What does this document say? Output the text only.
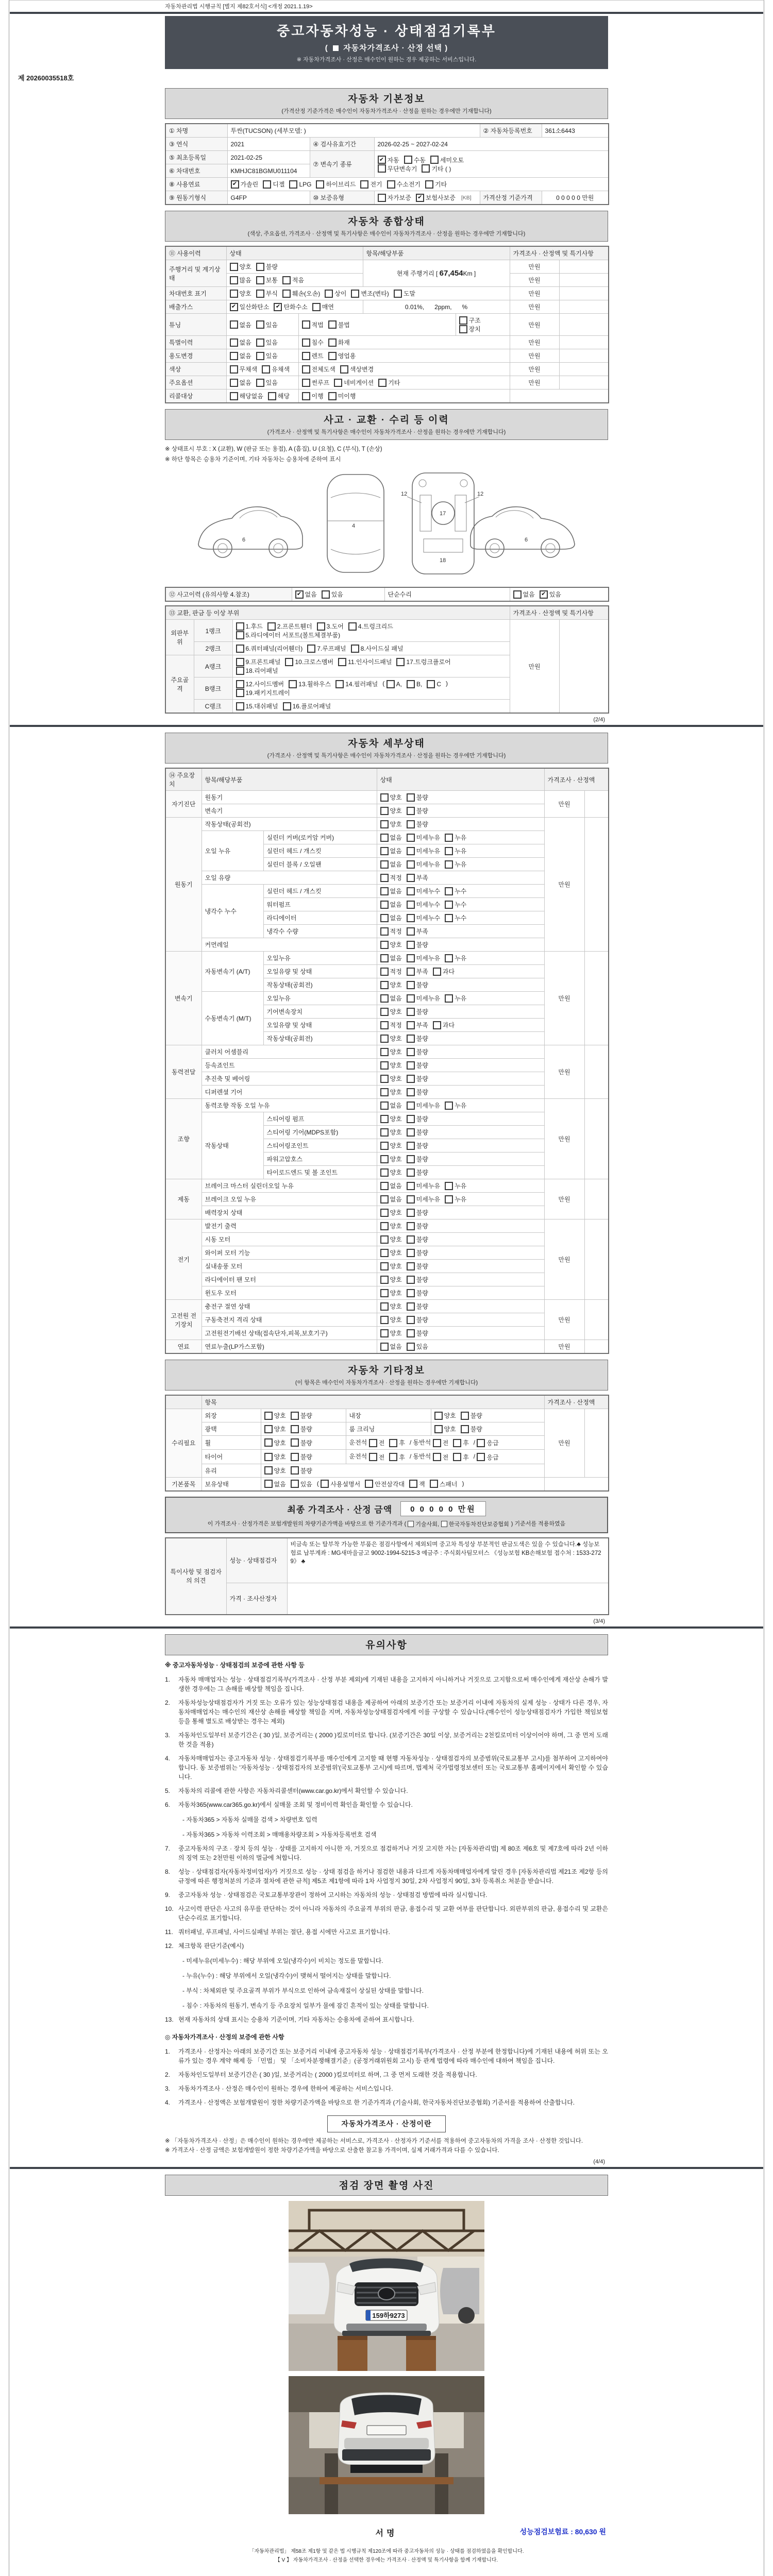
자동차관리법 시행규칙 [별지 제82호서식] <개정 2021.1.19>
중고자동차성능 · 상태점검기록부
( 자동차가격조사 · 산정 선택 )
※ 자동차가격조사 · 산정은 매수인이 원하는 경우 제공하는 서비스입니다.
제 20260035518호
자동차 기본정보
(가격산정 기준가격은 매수인이 자동차가격조사 · 산정을 원하는 경우에만 기재합니다)
① 차명	투싼(TUCSON) (세부모델: )			② 자동차등록번호	361소6443
③ 연식	2021	④ 검사유효기간	2026-02-25 ~ 2027-02-24		
⑤ 최초등록일	2021-02-25	⑦ 변속기 종류	
✔ 자동 수동 세미오토

무단변속기 기타 ( )

⑥ 차대번호	KMHJC81BGMU011104				
⑧ 사용연료	✔ 가솔린 디젤 LPG 하이브리드 전기 수소전기 기타

⑨ 원동기형식	G4FP	⑩ 보증유형	자가보증 ✔ 보험사보증 [KB]	가격산정 기준가격	0 0 0 0 0 만원
자동차 종합상태
(색상, 주요옵션, 가격조사 · 산정액 및 특기사항은 매수인이 자동차가격조사 · 산정을 원하는 경우에만 기재합니다)
⑪ 사용이력	상태		항목/해당부품		가격조사 · 산정액 및 특기사항	
주행거리 및 계기상태	양호 불량		현재 주행거리 [ 67,454Km ]		만원	

	많음 보통 적음				만원	
차대번호 표기	양호 부식 훼손(오손) 상이 변조(변타) 도말	만원	
배출가스	✔ 일산화탄소 ✔ 탄화수소 매연		0.01%,      2ppm,      %		만원	
튜닝	없음 있음	적법 불법		구조
장치	만원	
특별이력	없음 있음	침수 화재			만원	
용도변경	없음 있음	렌트 영업용			만원	
색상	무채색 유채색	전체도색 색상변경			만원	
주요옵션	없음 있음	썬루프 네비게이션 기타			만원	
리콜대상	해당없음 해당	이행 미이행				

사고 · 교환 · 수리 등 이력
(가격조사 · 산정액 및 특기사항은 매수인이 자동차가격조사 · 산정을 원하는 경우에만 기재합니다)
※ 상태표시 부호 : X (교환), W (판금 또는 용접), A (흠집), U (요철), C (부식), T (손상)
※ 하단 항목은 승용차 기준이며, 기타 자동차는 승용차에 준하여 표시
6
4
12	12
17
18
6
⑫ 사고이력 (유의사항 4.참조)	✔ 없음 있음	단순수리	없음	✔ 있음
⑬ 교환, 판금 등 이상 부위			가격조사 · 산정액 및 특기사항	
외판부위	1랭크	1.후드 2.프론트휀더 3.도어 4.트렁크리드

5.라디에이터 서포트(볼트체결부품)	만원	
	2랭크	6.쿼터패널(리어휀더) 7.루프패널 8.사이드실 패널		

주요골격	A랭크	9.프론트패널 10.크로스멤버 11.인사이드패널 17.트렁크플로어

18.리어패널		

B랭크	
12.사이드멤버 13.휠하우스 14.필러패널 ( A, B, C )

19.패키지트레이

	C랭크	15.대쉬패널 16.플로어패널		
(2/4)
자동차 세부상태
(가격조사 · 산정액 및 특기사항은 매수인이 자동차가격조사 · 산정을 원하는 경우에만 기재합니다)
⑭ 주요장치	항목/해당부품		상태	가격조사 · 산정액	
자기진단	원동기		양호 불량	만원	
	변속기		양호 불량		

원동기	작동상태(공회전)		양호 불량	만원	
	오일 누유	실린더 커버(로커암 커버)	없음 미세누유 누유		

		실린더 헤드 / 개스킷	없음 미세누유 누유		

		실린더 블록 / 오일팬	없음 미세누유 누유		

	오일 유량		적정 부족		

	냉각수 누수	실린더 헤드 / 개스킷	없음 미세누수 누수		

		워터펌프	없음 미세누수 누수		

		라디에이터	없음 미세누수 누수		

		냉각수 수량	적정 부족		

	커먼레일		양호 불량		

변속기	자동변속기 (A/T)	오일누유	없음 미세누유 누유	만원	
		오일유량 및 상태	적정 부족 과다		

		작동상태(공회전)	양호 불량		

	수동변속기 (M/T)	오일누유	없음 미세누유 누유		

		기어변속장치	양호 불량		

		오일유량 및 상태	적정 부족 과다		

		작동상태(공회전)	양호 불량		

동력전달	클러치 어셈블리		양호 불량	만원	
	등속죠인트		양호 불량		

	추진축 및 베어링		양호 불량		

	디퍼렌셜 기어		양호 불량		

조향	동력조향 작동 오일 누유		없음 미세누유 누유	만원	
	작동상태	스티어링 펌프	양호 불량		

		스티어링 기어(MDPS포함)	양호 불량		

		스티어링조인트	양호 불량		

		파워고압호스	양호 불량		

		타이로드엔드 및 볼 조인트	양호 불량		

제동	브레이크 마스터 실린더오일 누유		없음 미세누유 누유	만원	
	브레이크 오일 누유		없음 미세누유 누유		

	배력장치 상태		양호 불량		

전기	발전기 출력		양호 불량	만원	
	시동 모터		양호 불량		

	와이퍼 모터 기능		양호 불량		

	실내송풍 모터		양호 불량		

	라디에이터 팬 모터		양호 불량		

	윈도우 모터		양호 불량		

고전원 전기장치	충전구 절연 상태		양호 불량	만원	
	구동축전지 격리 상태		양호 불량		

	고전원전기배선 상태(접속단자,피복,보호기구)		양호 불량		

연료	연료누출(LP가스포함)		없음 있음	만원	
자동차 기타정보
(이 항목은 매수인이 자동차가격조사 · 산정을 원하는 경우에만 기재합니다)
	항목				가격조사 · 산정액	
수리필요	외장	양호 불량	내장	양호 불량	만원	
	광택	양호 불량	룸 크리닝	양호 불량		

휠	양호 불량	운전석 전 후 / 동반석 전 후 / 응급

타이어	양호 불량	운전석 전 후 / 동반석 전 후 / 응급

	유리	양호 불량				

기본품목	보유상태	없음 있음 ( 사용설명서 안전삼각대 잭 스패너 )	
최종 가격조사 · 산정 금액	0 0 0 0 0 만원
이 가격조사 · 산정가격은 보험개발원의 차량기준가액을 바탕으로 한 기준가격과 ( 기술사회, 한국자동차진단보증협회 ) 기준서를 적용하였음
특이사항 및 점검자의 의견	성능 · 상태점검자	비금속 또는 탈부착 가능한 부품은 점검사항에서 제외되며 중고차 특성상 부분적인 판금도색은 있을 수 있습니다.♣ 성능보험료 납부계좌 : MG새마을금고 9002-1994-5215-3 예금주 : 주식회사팀모터스 《성능보험 KB손해보험 접수처 : 1533-2729》 ♣
	가격 · 조사산정자	
(3/4)
유의사항
※ 중고자동차성능 · 상태점검의 보증에 관한 사항 등
1.	자동차 매매업자는 성능 · 상태점검기록부(가격조사 · 산정 부분 제외)에 기재된 내용을 고지하지 아니하거나 거짓으로 고지함으로써 매수인에게 재산상 손해가 발생한 경우에는 그 손해를 배상할 책임을 집니다.
2.	자동차성능상태점검자가 거짓 또는 오류가 있는 성능상태점검 내용을 제공하여 아래의 보증기간 또는 보증거리 이내에 자동차의 실제 성능 · 상태가 다른 경우, 자동차매매업자는 매수인의 재산상 손해를 배상할 책임을 지며, 자동차성능상태점검자에게 이를 구상할 수 있습니다.(매수인이 성능상태점검자가 가입한 책임보험 등을 통해 별도로 배상받는 경우는 제외)
3.	자동차인도일부터 보증기간은 ( 30 )일, 보증거리는 ( 2000 )킬로미터로 합니다. (보증기간은 30일 이상, 보증거리는 2천킬로미터 이상이어야 하며, 그 중 먼저 도래한 것을 적용)
4.	자동차매매업자는 중고자동차 성능 · 상태점검기록부를 매수인에게 고지할 때 현행 자동차성능 · 상태점검자의 보증범위(국토교통부 고시)를 첨부하여 고지하여야 합니다. 동 보증범위는 '자동차성능 · 상태점검자의 보증범위'(국토교통부 고시)에 따르며, 법제처 국가법령정보센터 또는 국토교통부 홈페이지에서 확인할 수 있습니다.
5.	자동차의 리콜에 관한 사항은 자동차리콜센터(www.car.go.kr)에서 확인할 수 있습니다.
6.	자동차365(www.car365.go.kr)에서 실매물 조회 및 정비이력 확인을 확인할 수 있습니다.
- 자동차365 > 자동차 실매물 검색 > 차량번호 입력
- 자동차365 > 자동차 이력조회 > 매매용차량조회 > 자동차등록번호 검색
7.	중고자동차의 구조 · 장치 등의 성능 · 상태를 고지하지 아니한 자, 거짓으로 점검하거나 거짓 고지한 자는 [자동차관리법] 제 80조 제6호 및 제7호에 따라 2년 이하의 징역 또는 2천만원 이하의 벌금에 처합니다.
8.	성능 · 상태점검자(자동차정비업자)가 거짓으로 성능 · 상태 점검을 하거나 점검한 내용과 다르게 자동차매매업자에게 알린 경우 [자동차관리법 제21조 제2항 등의 규정에 따른 행정처분의 기준과 절차에 관한 규칙] 제5조 제1항에 따라 1차 사업정지 30일, 2차 사업정지 90일, 3차 등록취소 처분을 받습니다.
9.	중고자동차 성능 · 상태점검은 국토교통부장관이 정하여 고시하는 자동차의 성능 · 상태점검 방법에 따라 실시합니다.
10. 사고이력 판단은 사고의 유무를 판단하는 것이 아니라 자동차의 주요골격 부위의 판금, 용접수리 및 교환 여부를 판단합니다. 외판부위의 판금, 용접수리 및 교환은 단순수리로 표기합니다.
11. 쿼터패널, 루프패널, 사이드실패널 부위는 절단, 용접 시에만 사고로 표기합니다.
12. 체크항목 판단기준(예시)
- 미세누유(미세누수) : 해당 부위에 오일(냉각수)이 비치는 정도를 말합니다.
- 누유(누수) : 해당 부위에서 오일(냉각수)이 맺혀서 떨어지는 상태를 말합니다.
- 부식 : 차체외판 및 주요골격 부위가 부식으로 인하여 금속재질이 상실된 상태를 말합니다.
- 침수 : 자동차의 원동기, 변속기 등 주요장치 일부가 물에 잠긴 흔적이 있는 상태를 말합니다.
13. 현재 자동차의 상태 표시는 승용차 기준이며, 기타 자동차는 승용차에 준하여 표시합니다.
◎ 자동차가격조사 · 산정의 보증에 관한 사항
1.	가격조사 · 산정자는 아래의 보증기간 또는 보증거리 이내에 중고자동차 성능 · 상태점검기록부(가격조사 · 산정 부분에 한정합니다)에 기재된 내용에 허위 또는 오류가 있는 경우 계약 해제 등 「민법」 및 「소비자분쟁해결기준」(공정거래위원회 고시) 등 관계 법령에 따라 매수인에 대하여 책임을 집니다.
2.	자동차인도일부터 보증기간은 ( 30 )일, 보증거리는 ( 2000 )킬로미터로 하며, 그 중 먼저 도래한 것을 적용합니다.
3.	자동차가격조사 · 산정은 매수인이 원하는 경우에 한하여 제공하는 서비스입니다.
4.	가격조사 · 산정액은 보험개발원이 정한 차량기준가액을 바탕으로 한 기준가격과 (기술사회, 한국자동차진단보증협회) 기준서를 적용하여 산출합니다.
자동차가격조사 · 산정이란
※ 「자동차가격조사 · 산정」은 매수인이 원하는 경우에만 제공하는 서비스로, 가격조사 · 산정자가 기준서를 적용하여 중고자동차의 가격을 조사 · 산정한 것입니다.
※ 가격조사 · 산정 금액은 보험개발원이 정한 차량기준가액을 바탕으로 산출한 참고용 가격이며, 실제 거래가격과 다를 수 있습니다.
(4/4)
점검 장면 촬영 사진
159하9273
서명	성능점검보험료 : 80,630 원
「자동차관리법」 제58조 제1항 및 같은 법 시행규칙 제120조에 따라 중고자동차의 성능 · 상태를 점검하였음을 확인합니다.
【 V 】 자동차가격조사 · 산정을 선택한 경우에는 가격조사 · 산정액 및 특기사항을 함께 기재합니다.
